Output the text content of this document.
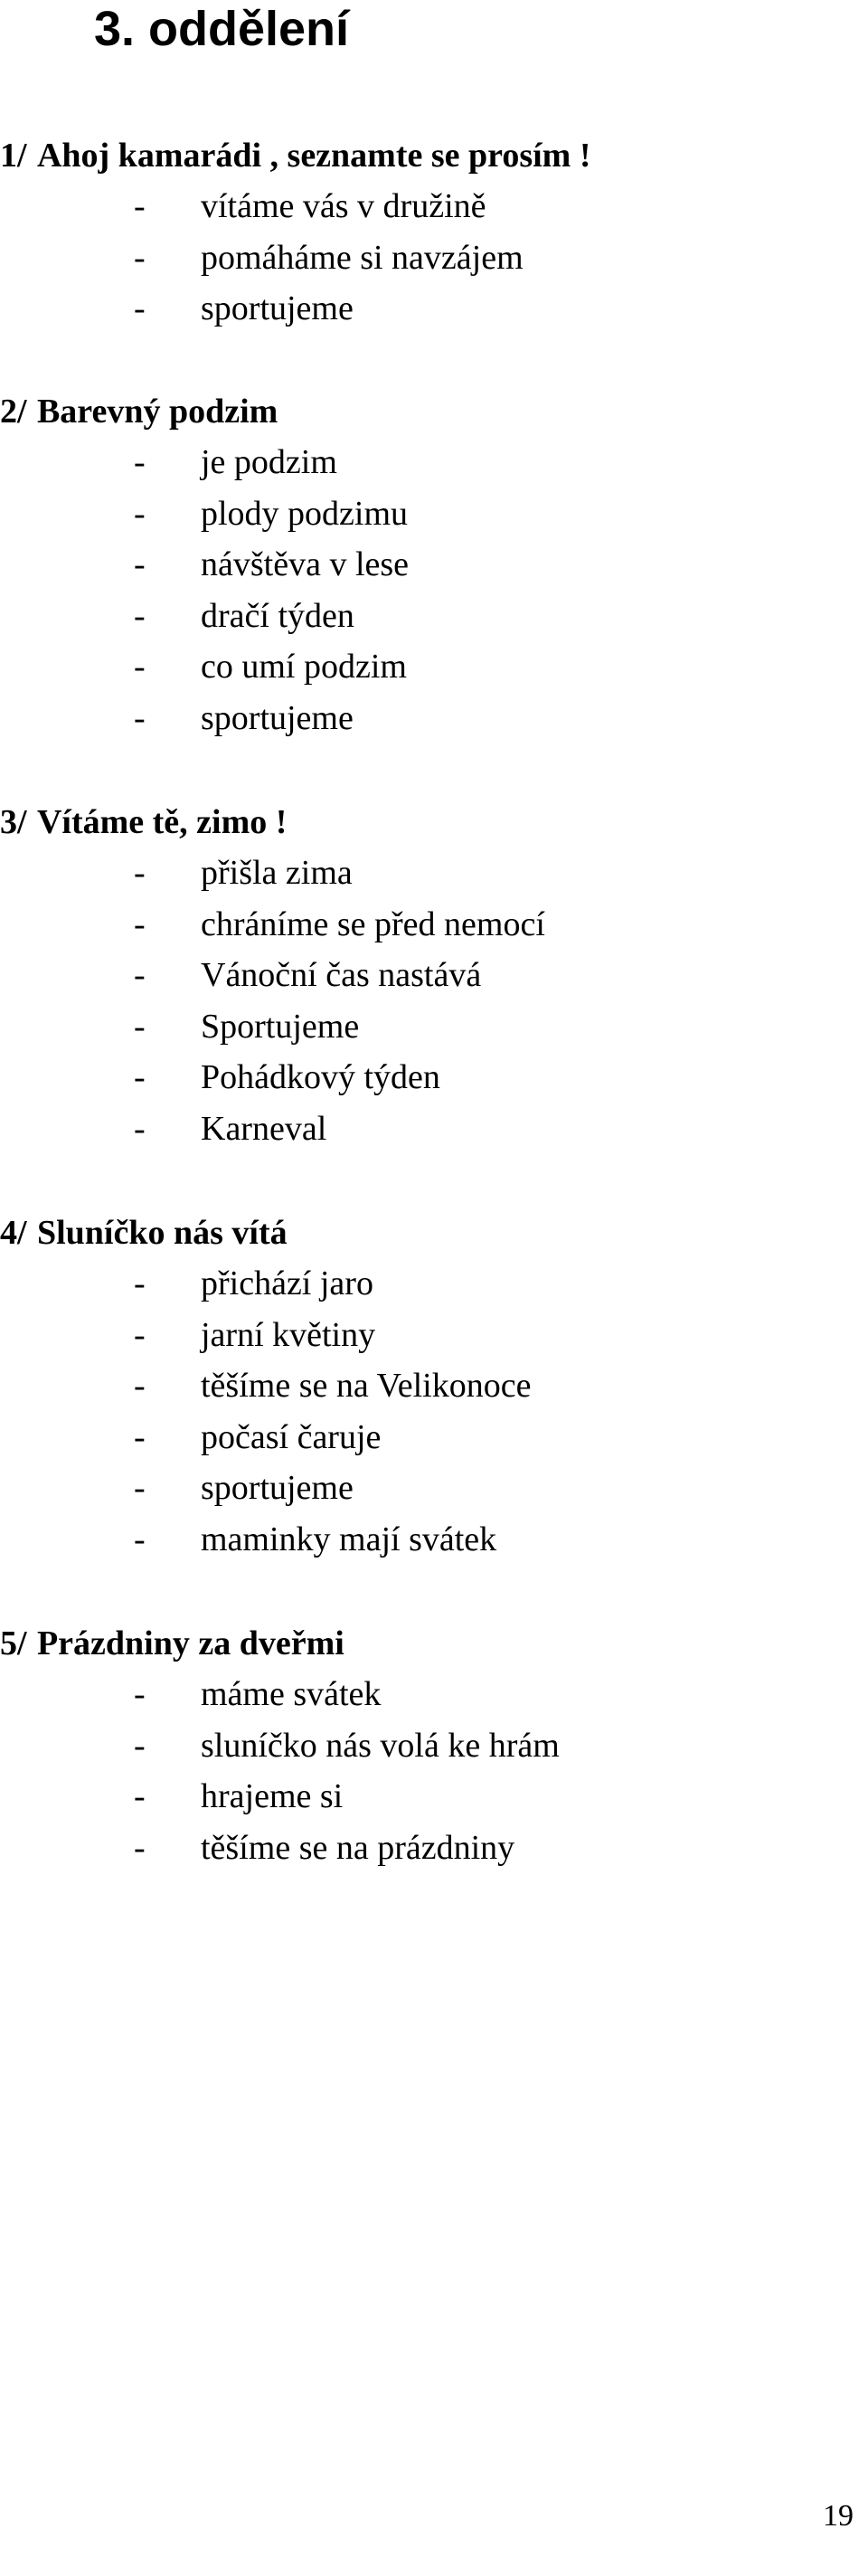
3. oddělení
1/ Ahoj kamarádi , seznamte se prosím !
- vítáme vás v družině
- pomáháme si navzájem
- sportujeme
2/ Barevný podzim
- je podzim
- plody podzimu
- návštěva v lese
- dračí týden
- co umí podzim
- sportujeme
3/ Vítáme tě, zimo !
- přišla zima
- chráníme se před nemocí
- Vánoční čas nastává
- Sportujeme
- Pohádkový týden
- Karneval
4/ Sluníčko nás vítá
- přichází jaro
- jarní květiny
- těšíme se na Velikonoce
- počasí čaruje
- sportujeme
- maminky mají svátek
5/ Prázdniny za dveřmi
- máme svátek
- sluníčko nás volá ke hrám
- hrajeme si
- těšíme se na prázdniny
19
